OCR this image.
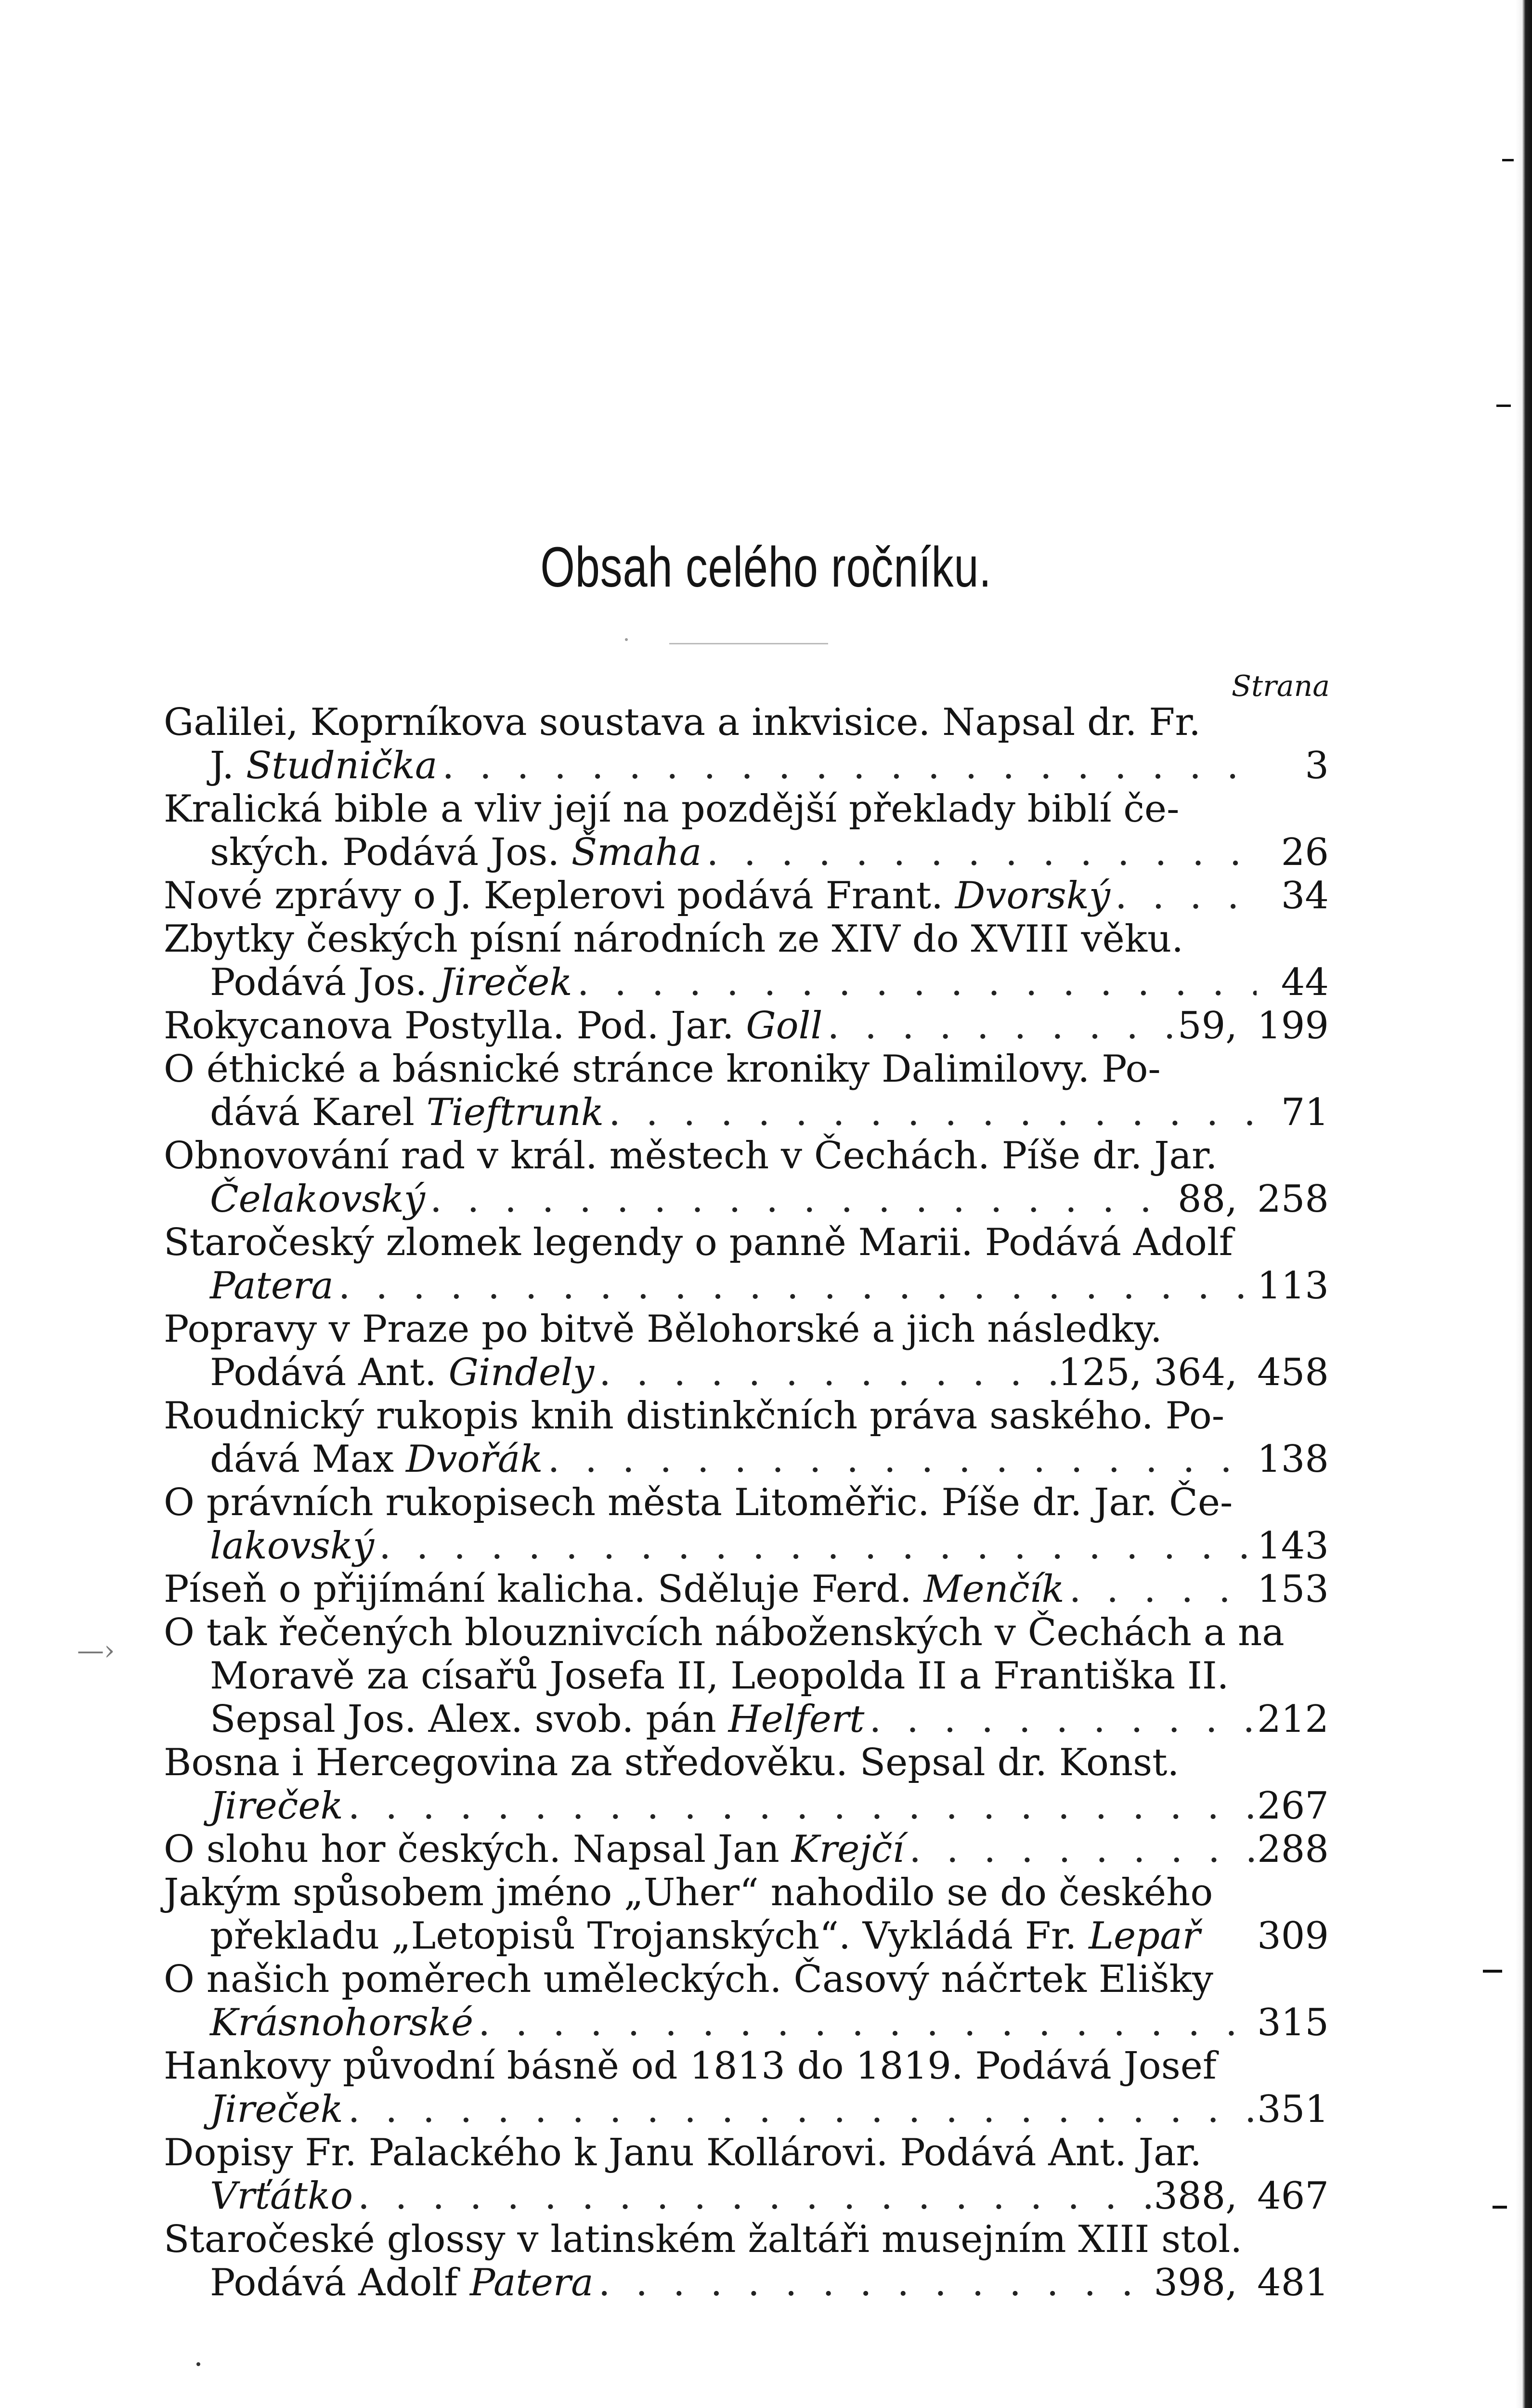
Obsah celého ročníku.
Strana
Galilei, Koprníkova soustava a inkvisice. Napsal dr. Fr.
J. Studnička . . .	3
Kralická bible a vliv její na pozdější překlady biblí če-
ských. Podává Jos. Šmaha . . .	26
Nové zprávy o J. Keplerovi podává Frant. Dvorský . . .	34
Zbytky českých písní národních ze XIV do XVIII věku.
Podává Jos. Jireček . . .	44
Rokycanova Postylla. Pod. Jar. Goll . . .	59, 199
O éthické a básnické stránce kroniky Dalimilovy. Po-
dává Karel Tieftrunk . . .	71
Obnovování rad v král. městech v Čechách. Píše dr. Jar.
Čelakovský . . .	88, 258
Staročeský zlomek legendy o panně Marii. Podává Adolf
Patera . . .	113
Popravy v Praze po bitvě Bělohorské a jich následky.
Podává Ant. Gindely . . .	125, 364, 458
Roudnický rukopis knih distinkčních práva saského. Po-
dává Max Dvořák . . .	138
O právních rukopisech města Litoměřic. Píše dr. Jar. Če-
lakovský . . .	143
Píseň o přijímání kalicha. Sděluje Ferd. Menčík . . .	153
O tak řečených blouznivcích náboženských v Čechách a na
Moravě za císařů Josefa II, Leopolda II a Františka II.
Sepsal Jos. Alex. svob. pán Helfert . . .	212
Bosna i Hercegovina za středověku. Sepsal dr. Konst.
Jireček . . .	267
O slohu hor českých. Napsal Jan Krejčí . . .	288
Jakým spůsobem jméno „Uher“ nahodilo se do českého
překladu „Letopisů Trojanských“. Vykládá Fr. Lepař 309
O našich poměrech uměleckých. Časový náčrtek Elišky
Krásnohorské . . .	315
Hankovy původní básně od 1813 do 1819. Podává Josef
Jireček . . .	351
Dopisy Fr. Palackého k Janu Kollárovi. Podává Ant. Jar.
Vrťátko . . .	388, 467
Staročeské glossy v latinském žaltáři musejním XIII stol.
Podává Adolf Patera . . .	398, 481
—›
